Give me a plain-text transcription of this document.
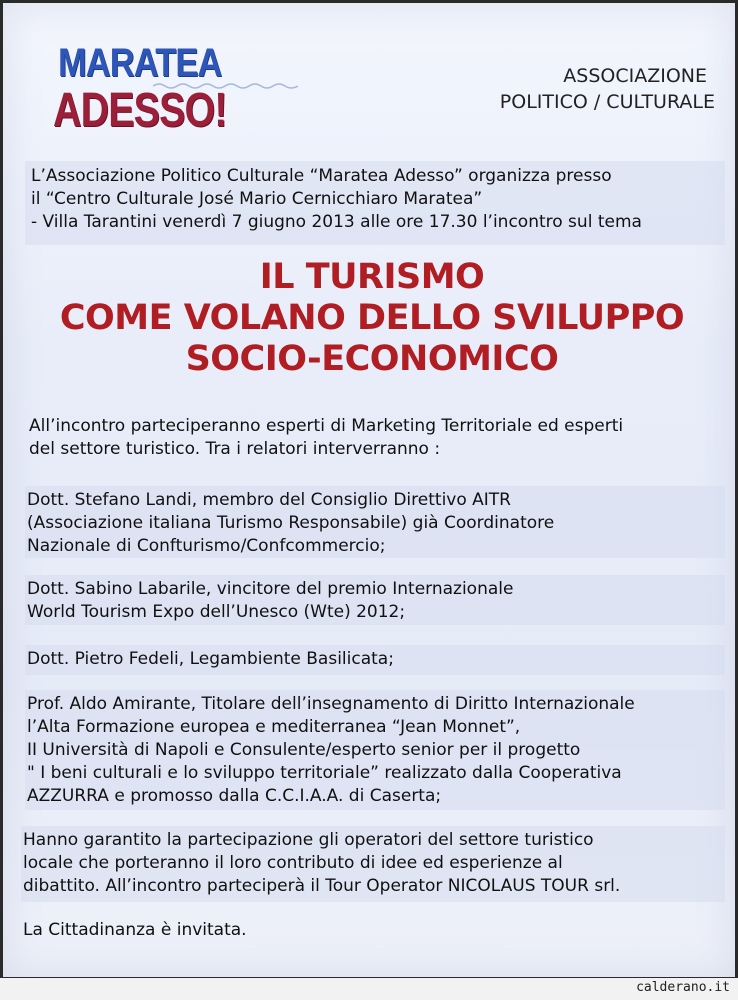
MARATEA
ADESSO!
ASSOCIAZIONE
POLITICO / CULTURALE

L’Associazione Politico Culturale “Maratea Adesso” organizza presso

il “Centro Culturale José Mario Cernicchiaro Maratea”

- Villa Tarantini venerdì 7 giugno 2013 alle ore 17.30 l’incontro sul tema

IL TURISMO
COME VOLANO DELLO SVILUPPO
SOCIO-ECONOMICO

All’incontro parteciperanno esperti di Marketing Territoriale ed esperti

del settore turistico. Tra i relatori interverranno :

Dott. Stefano Landi, membro del Consiglio Direttivo AITR

(Associazione italiana Turismo Responsabile) già Coordinatore

Nazionale di Confturismo/Confcommercio;

Dott. Sabino Labarile, vincitore del premio Internazionale

World Tourism Expo dell’Unesco (Wte) 2012;

Dott. Pietro Fedeli, Legambiente Basilicata;

Prof. Aldo Amirante, Titolare dell’insegnamento di Diritto Internazionale

l’Alta Formazione europea e mediterranea “Jean Monnet”,

II Università di Napoli e Consulente/esperto senior per il progetto

" I beni culturali e lo sviluppo territoriale” realizzato dalla Cooperativa

AZZURRA e promosso dalla C.C.I.A.A. di Caserta;

Hanno garantito la partecipazione gli operatori del settore turistico

locale che porteranno il loro contributo di idee ed esperienze al

dibattito. All’incontro parteciperà il Tour Operator NICOLAUS TOUR srl.

La Cittadinanza è invitata.

calderano.it
